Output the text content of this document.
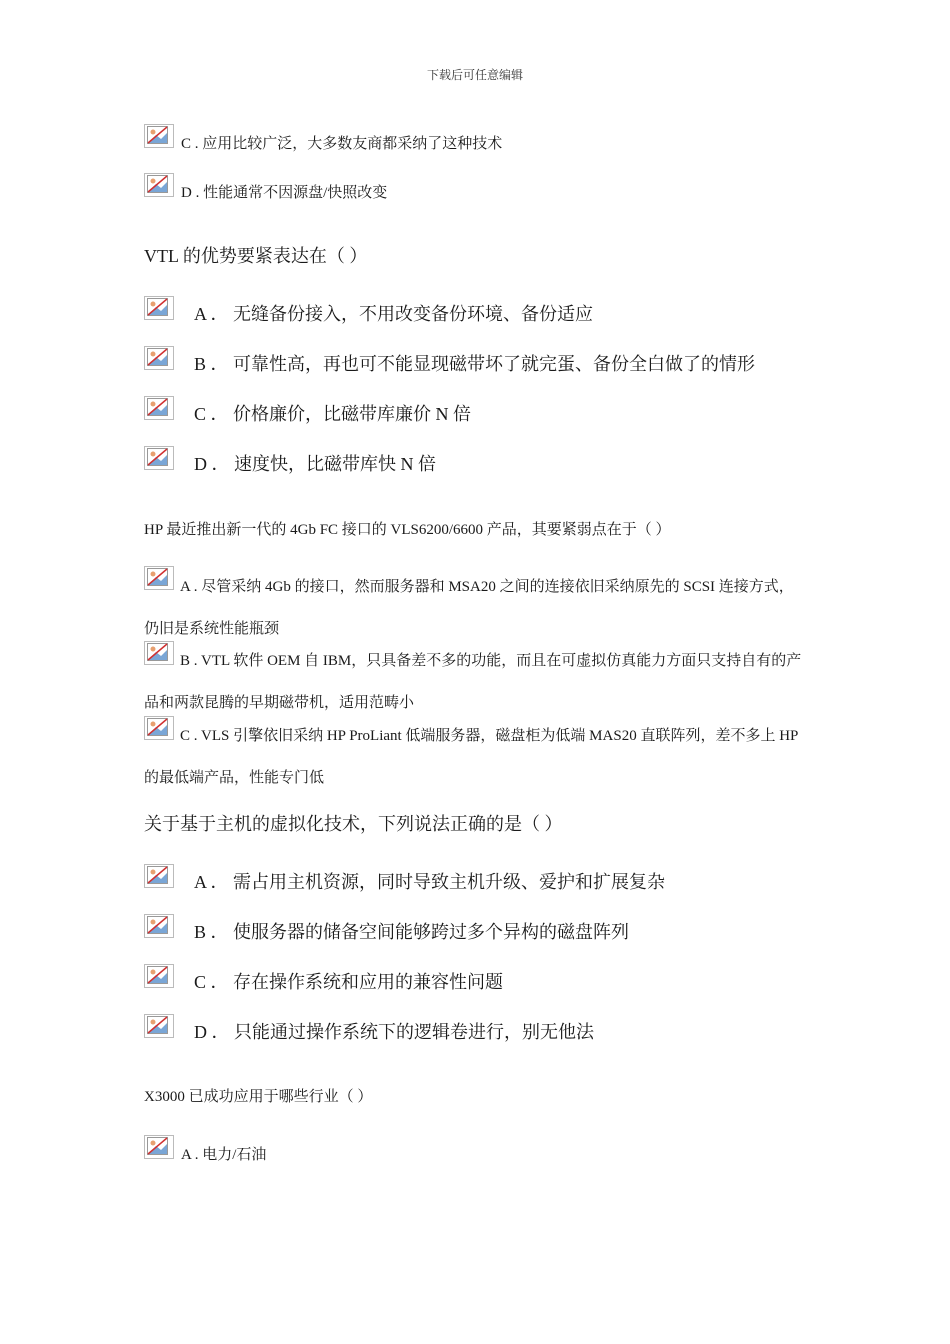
下载后可任意编辑
C . 应用比较广泛，大多数友商都采纳了这种技术
D . 性能通常不因源盘/快照改变
VTL 的优势要紧表达在（ ）
A ． 无缝备份接入，不用改变备份环境、备份适应
B ． 可靠性高，再也可不能显现磁带坏了就完蛋、备份全白做了的情形
C ． 价格廉价，比磁带库廉价 N 倍
D ． 速度快，比磁带库快 N 倍
HP 最近推出新一代的 4Gb FC 接口的 VLS6200/6600 产品，其要紧弱点在于（ ）
A . 尽管采纳 4Gb 的接口，然而服务器和 MSA20 之间的连接依旧采纳原先的 SCSI 连接方式，仍旧是系统性能瓶颈
B . VTL 软件 OEM 自 IBM，只具备差不多的功能，而且在可虚拟仿真能力方面只支持自有的产品和两款昆腾的早期磁带机，适用范畴小
C . VLS 引擎依旧采纳 HP ProLiant 低端服务器，磁盘柜为低端 MAS20 直联阵列，差不多上 HP 的最低端产品，性能专门低
关于基于主机的虚拟化技术，下列说法正确的是（ ）
A ． 需占用主机资源，同时导致主机升级、爱护和扩展复杂
B ． 使服务器的储备空间能够跨过多个异构的磁盘阵列
C ． 存在操作系统和应用的兼容性问题
D ． 只能通过操作系统下的逻辑卷进行，别无他法
X3000 已成功应用于哪些行业（ ）
A . 电力/石油
